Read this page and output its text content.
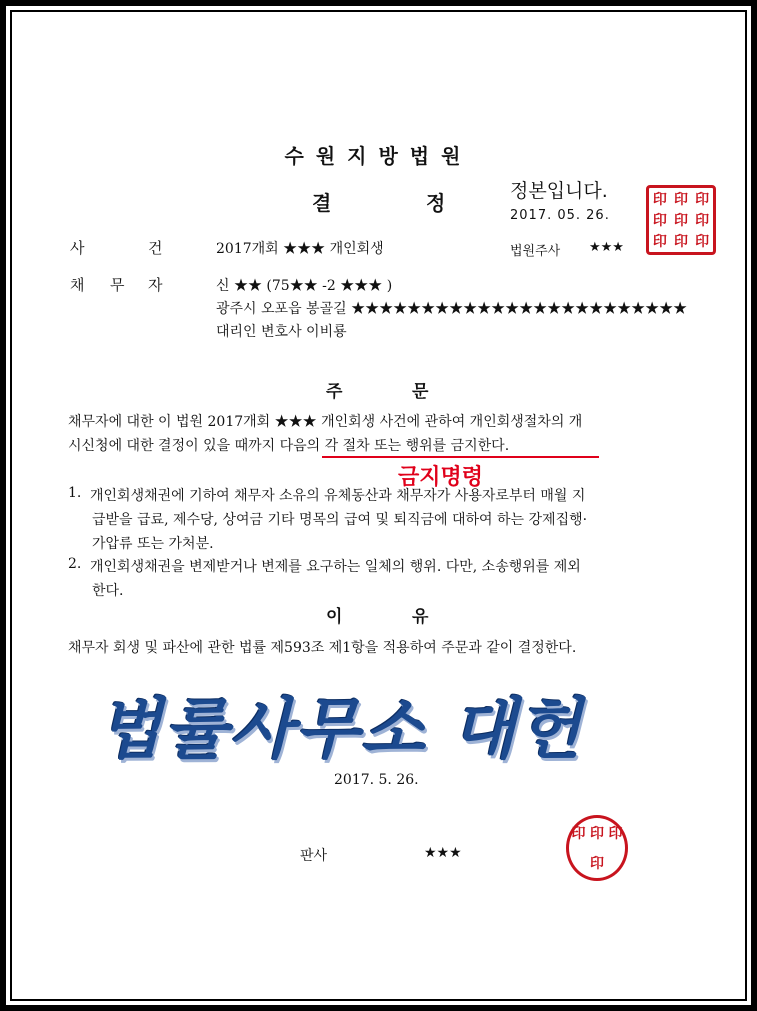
수원지방법원
결	정	정본입니다.
2017. 05. 26.
법원주사 ★★★
印 印 印
印 印 印
印 印 印
사	건	2017개회 ★★★ 개인회생
채 무 자	신 ★★ (75★★ -2 ★★★ )
광주시 오포읍 봉골길 ★★★★★★★★★★★★★★★★★★★★★★★★
대리인 변호사 이비룡
주	문
채무자에 대한 이 법원 2017개회 ★★★ 개인회생 사건에 관하여 개인회생절차의 개
시신청에 대한 결정이 있을 때까지 다음의 각 절차 또는 행위를 금지한다.
금지명령
1. 개인회생채권에 기하여 채무자 소유의 유체동산과 채무자가 사용자로부터 매월 지
급받을 급료, 제수당, 상여금 기타 명목의 급여 및 퇴직금에 대하여 하는 강제집행·
가압류 또는 가처분.
2. 개인회생채권을 변제받거나 변제를 요구하는 일체의 행위. 다만, 소송행위를 제외
한다.
이	유
채무자 회생 및 파산에 관한 법률 제593조 제1항을 적용하여 주문과 같이 결정한다.
법률사무소 대헌
2017. 5. 26.
판사	★★★
印 印 印
印
